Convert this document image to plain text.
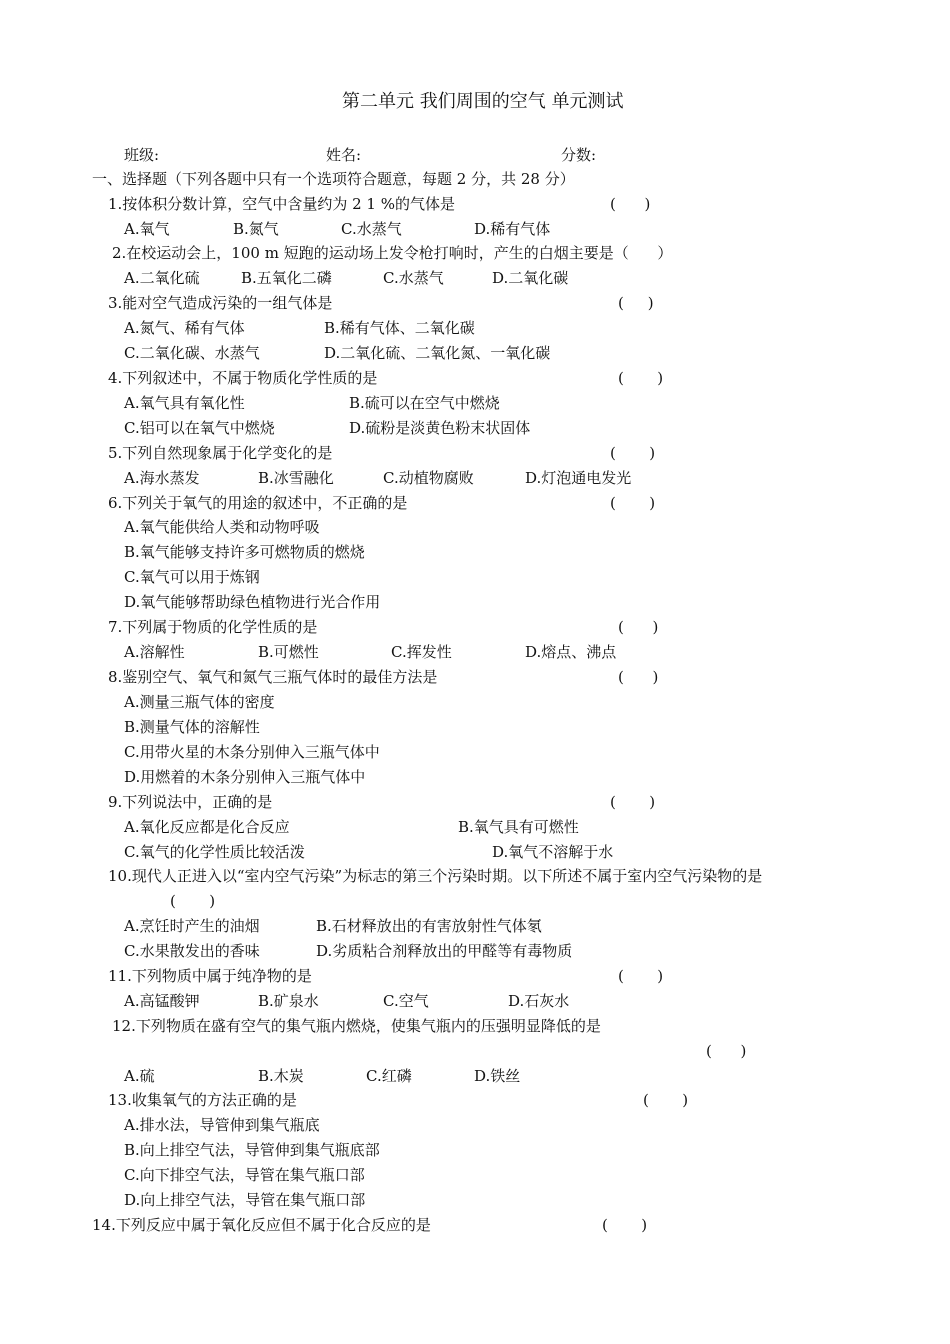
第二单元 我们周围的空气 单元测试
班级:	姓名:	分数:
一、选择题（下列各题中只有一个选项符合题意，每题 2 分，共 28 分）
1.按体积分数计算，空气中含量约为 2 1 %的气体是	(      )
A.氧气	B.氮气	C.水蒸气	D.稀有气体
2.在校运动会上，100 m 短跑的运动场上发令枪打响时，产生的白烟主要是（      ）
A.二氧化硫	B.五氧化二磷	C.水蒸气	D.二氧化碳
3.能对空气造成污染的一组气体是	(     )
A.氮气、稀有气体	B.稀有气体、二氧化碳
C.二氧化碳、水蒸气	D.二氧化硫、二氧化氮、一氧化碳
4.下列叙述中，不属于物质化学性质的是	(       )
A.氧气具有氧化性	B.硫可以在空气中燃烧
C.铝可以在氧气中燃烧	D.硫粉是淡黄色粉末状固体
5.下列自然现象属于化学变化的是	(       )
A.海水蒸发	B.冰雪融化	C.动植物腐败	D.灯泡通电发光
6.下列关于氧气的用途的叙述中，不正确的是	(       )
A.氧气能供给人类和动物呼吸
B.氧气能够支持许多可燃物质的燃烧
C.氧气可以用于炼钢
D.氧气能够帮助绿色植物进行光合作用
7.下列属于物质的化学性质的是	(      )
A.溶解性	B.可燃性	C.挥发性	D.熔点、沸点
8.鉴别空气、氧气和氮气三瓶气体时的最佳方法是	(      )
A.测量三瓶气体的密度
B.测量气体的溶解性
C.用带火星的木条分别伸入三瓶气体中
D.用燃着的木条分别伸入三瓶气体中
9.下列说法中，正确的是	(       )
A.氧化反应都是化合反应	B.氧气具有可燃性
C.氧气的化学性质比较活泼	D.氧气不溶解于水
10.现代人正进入以“室内空气污染”为标志的第三个污染时期。以下所述不属于室内空气污染物的是
(       )
A.烹饪时产生的油烟	B.石材释放出的有害放射性气体氡
C.水果散发出的香味	D.劣质粘合剂释放出的甲醛等有毒物质
11.下列物质中属于纯净物的是	(       )
A.高锰酸钾	B.矿泉水	C.空气	D.石灰水
12.下列物质在盛有空气的集气瓶内燃烧，使集气瓶内的压强明显降低的是
(      )
A.硫	B.木炭	C.红磷	D.铁丝
13.收集氧气的方法正确的是	(       )
A.排水法，导管伸到集气瓶底
B.向上排空气法，导管伸到集气瓶底部
C.向下排空气法，导管在集气瓶口部
D.向上排空气法，导管在集气瓶口部
14.下列反应中属于氧化反应但不属于化合反应的是	(       )
